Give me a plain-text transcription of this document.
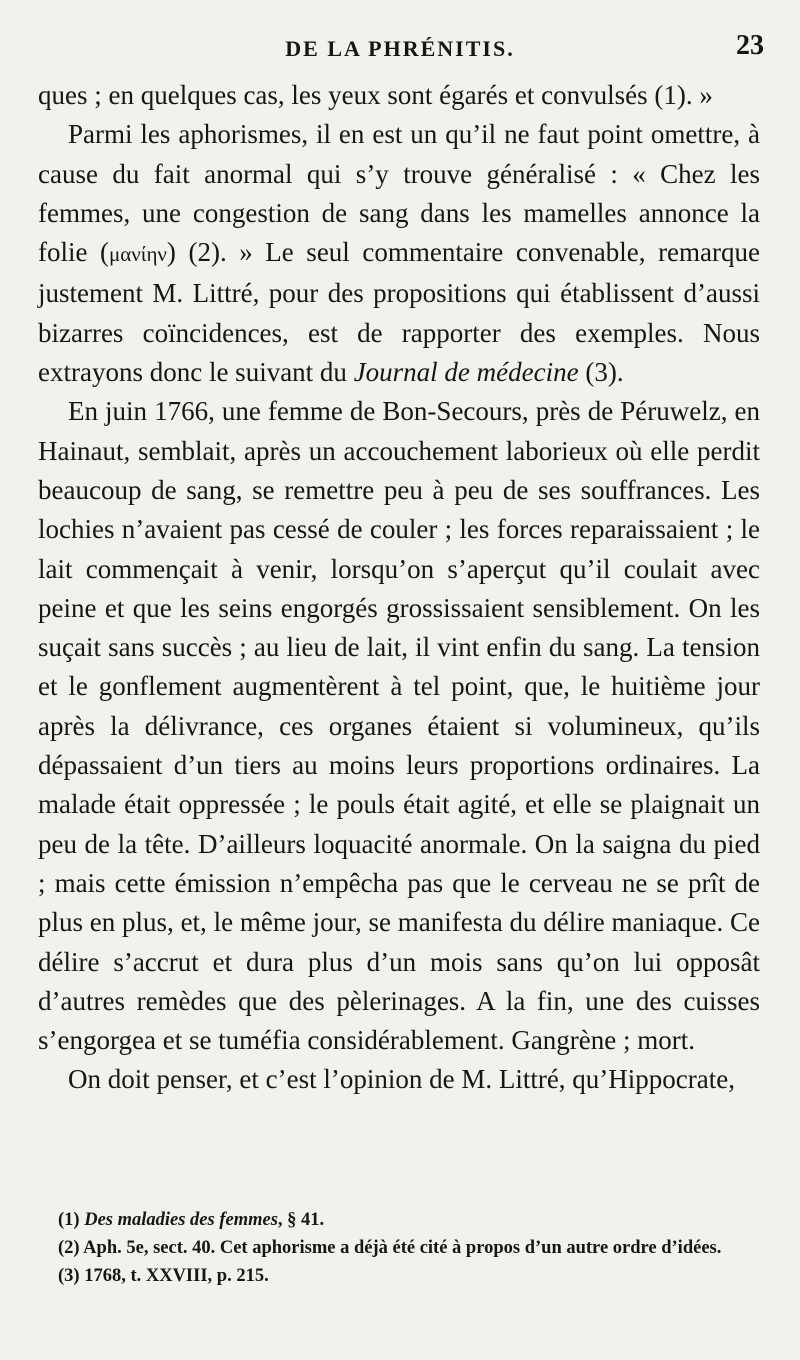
DE LA PHRÉNITIS.	23

ques ; en quelques cas, les yeux sont égarés et convulsés (1). »

Parmi les aphorismes, il en est un qu’il ne faut point omettre, à cause du fait anormal qui s’y trouve généralisé : « Chez les femmes, une congestion de sang dans les mamelles annonce la folie (μανίην) (2). » Le seul commentaire convenable, remarque justement M. Littré, pour des propositions qui établissent d’aussi bizarres coïncidences, est de rapporter des exemples. Nous extrayons donc le suivant du Journal de médecine (3).

En juin 1766, une femme de Bon-Secours, près de Péruwelz, en Hainaut, semblait, après un accouchement laborieux où elle perdit beaucoup de sang, se remettre peu à peu de ses souffrances. Les lochies n’avaient pas cessé de couler ; les forces reparaissaient ; le lait commençait à venir, lorsqu’on s’aperçut qu’il coulait avec peine et que les seins engorgés grossissaient sensiblement. On les suçait sans succès ; au lieu de lait, il vint enfin du sang. La tension et le gonflement augmentèrent à tel point, que, le huitième jour après la délivrance, ces organes étaient si volumineux, qu’ils dépassaient d’un tiers au moins leurs proportions ordinaires. La malade était oppressée ; le pouls était agité, et elle se plaignait un peu de la tête. D’ailleurs loquacité anormale. On la saigna du pied ; mais cette émission n’empêcha pas que le cerveau ne se prît de plus en plus, et, le même jour, se manifesta du délire maniaque. Ce délire s’accrut et dura plus d’un mois sans qu’on lui opposât d’autres remèdes que des pèlerinages. A la fin, une des cuisses s’engorgea et se tuméfia considérablement. Gangrène ; mort.

On doit penser, et c’est l’opinion de M. Littré, qu’Hippocrate,

(1) Des maladies des femmes, § 41.

(2) Aph. 5e, sect. 40. Cet aphorisme a déjà été cité à propos d’un autre ordre d’idées.

(3) 1768, t. XXVIII, p. 215.
